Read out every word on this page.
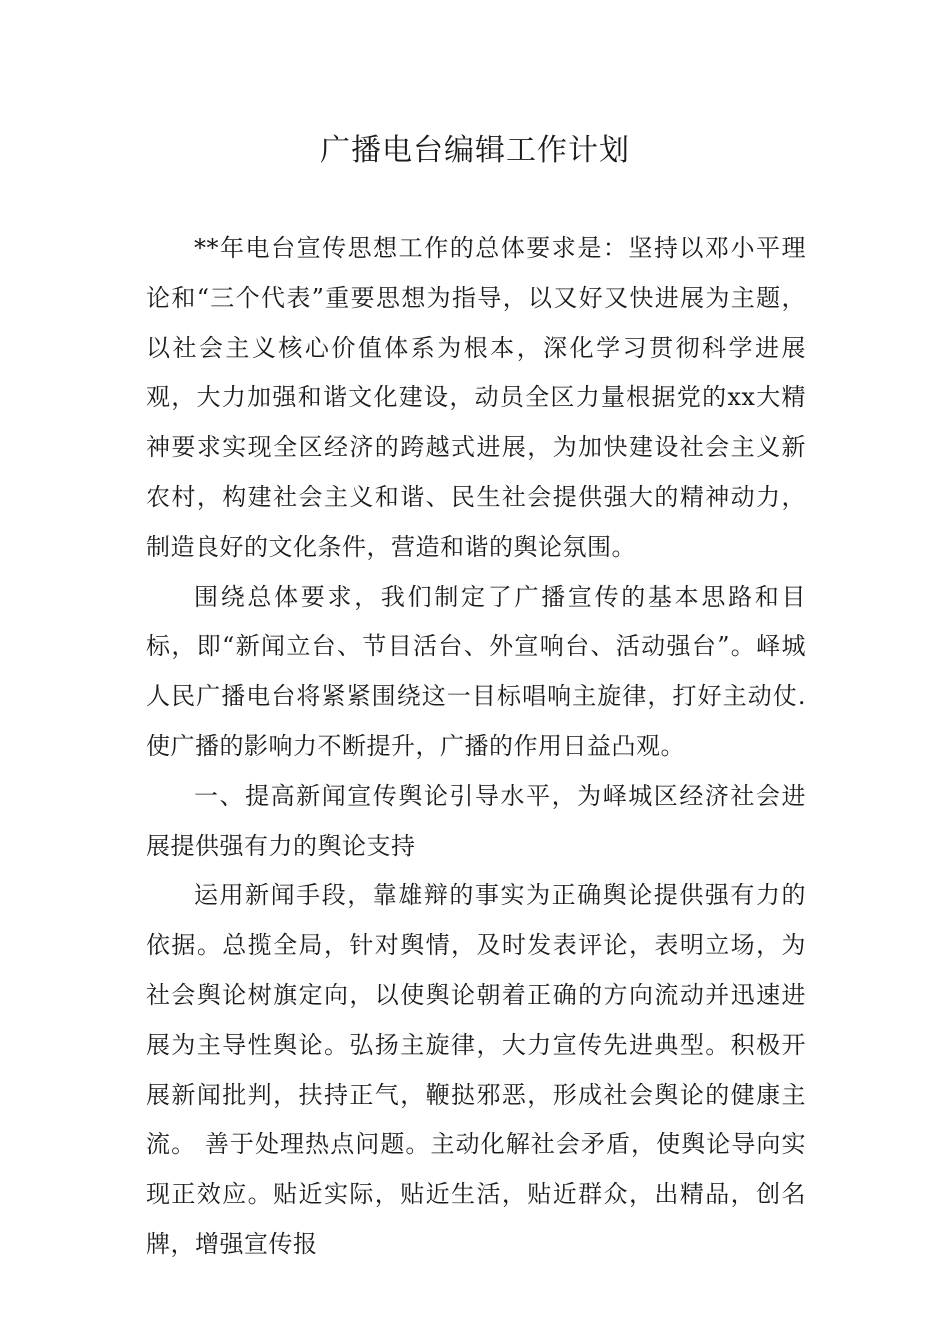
广播电台编辑工作计划

**年电台宣传思想工作的总体要求是：坚持以邓小平理论和“三个代表”重要思想为指导，以又好又快进展为主题，以社会主义核心价值体系为根本，深化学习贯彻科学进展观，大力加强和谐文化建设，动员全区力量根据党的xx大精神要求实现全区经济的跨越式进展，为加快建设社会主义新农村，构建社会主义和谐、民生社会提供强大的精神动力，制造良好的文化条件，营造和谐的舆论氛围。

围绕总体要求，我们制定了广播宣传的基本思路和目标，即“新闻立台、节目活台、外宣响台、活动强台”。峄城人民广播电台将紧紧围绕这一目标唱响主旋律，打好主动仗.使广播的影响力不断提升，广播的作用日益凸观。

一、提高新闻宣传舆论引导水平，为峄城区经济社会进展提供强有力的舆论支持

运用新闻手段，靠雄辩的事实为正确舆论提供强有力的依据。总揽全局，针对舆情，及时发表评论，表明立场，为社会舆论树旗定向，以使舆论朝着正确的方向流动并迅速进展为主导性舆论。弘扬主旋律，大力宣传先进典型。积极开展新闻批判，扶持正气，鞭挞邪恶，形成社会舆论的健康主流。 善于处理热点问题。主动化解社会矛盾，使舆论导向实现正效应。贴近实际，贴近生活，贴近群众，出精品，创名牌，增强宣传报
